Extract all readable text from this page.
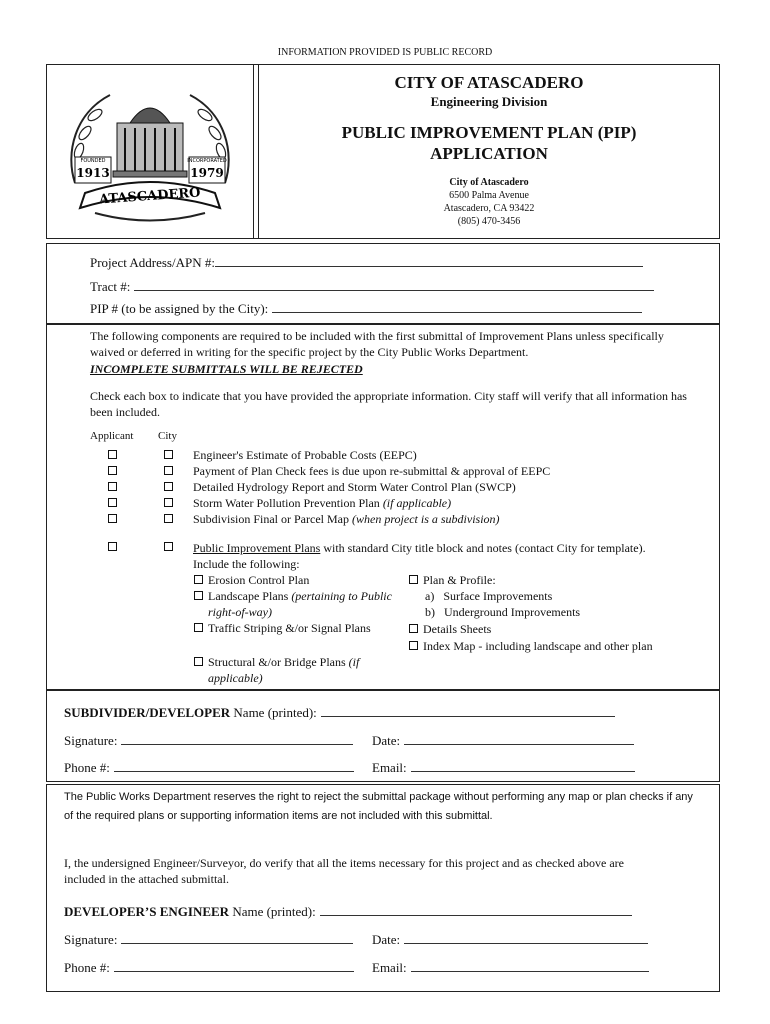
INFORMATION PROVIDED IS PUBLIC RECORD
FOUNDED	INCORPORATED
1913	1979
ATASCADERO
CITY OF ATASCADERO
Engineering Division
PUBLIC IMPROVEMENT PLAN (PIP)
APPLICATION
City of Atascadero
6500 Palma Avenue
Atascadero, CA 93422
(805) 470-3456
Project Address/APN #:
Tract #:
PIP # (to be assigned by the City):
The following components are required to be included with the first submittal of Improvement Plans unless specifically waived or deferred in writing for the specific project by the City Public Works Department.
INCOMPLETE SUBMITTALS WILL BE REJECTED
Check each box to indicate that you have provided the appropriate information. City staff will verify that all information has been included.
Applicant City
Engineer's Estimate of Probable Costs (EEPC)
Payment of Plan Check fees is due upon re-submittal & approval of EEPC
Detailed Hydrology Report and Storm Water Control Plan (SWCP)
Storm Water Pollution Prevention Plan (if applicable)
Subdivision Final or Parcel Map (when project is a subdivision)
Public Improvement Plans with standard City title block and notes (contact City for template).
Include the following:
Erosion Control Plan
Landscape Plans (pertaining to Public right-of-way)
Traffic Striping &/or Signal Plans
Structural &/or Bridge Plans (if applicable)
Plan & Profile:
a)   Surface Improvements
b)   Underground Improvements
Details Sheets
Index Map - including landscape and other plan
SUBDIVIDER/DEVELOPER Name (printed):
Signature:	Date:
Phone #:	Email:
The Public Works Department reserves the right to reject the submittal package without performing any map or plan checks if any of the required plans or supporting information items are not included with this submittal.
I, the undersigned Engineer/Surveyor, do verify that all the items necessary for this project and as checked above are included in the attached submittal.
DEVELOPER’S ENGINEER Name (printed):
Signature:	Date:
Phone #:	Email:
